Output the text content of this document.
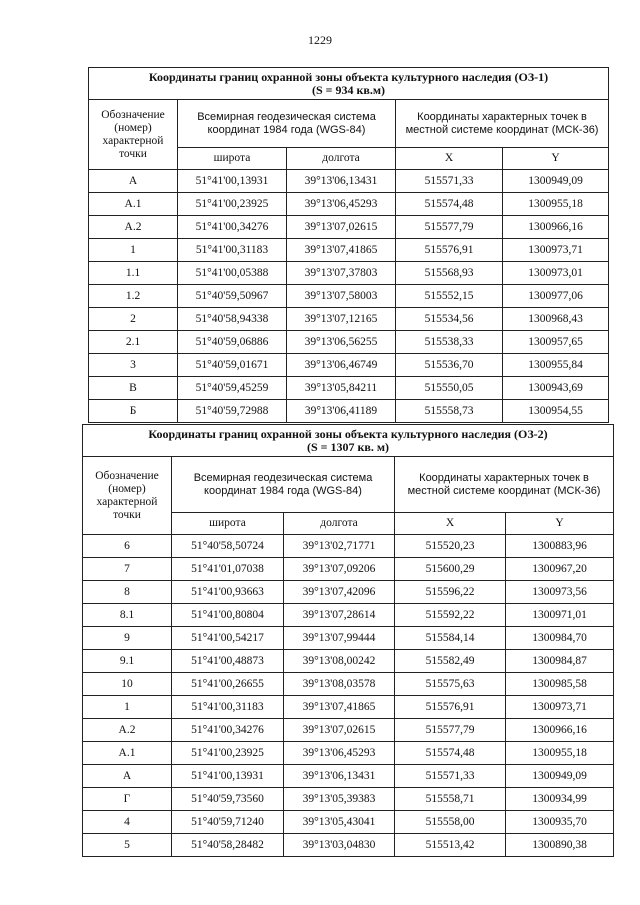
1229
Координаты границ охранной зоны объекта культурного наследия (ОЗ-1)
(S = 934 кв.м)				

Обозначение (номер) характерной точки	Всемирная геодезическая система координат 1984 года (WGS-84)		Координаты характерных точек в местной системе координат (МСК-36)	
	широта	долгота	X	Y
А	51°41'00,13931	39°13'06,13431	515571,33	1300949,09
А.1	51°41'00,23925	39°13'06,45293	515574,48	1300955,18
А.2	51°41'00,34276	39°13'07,02615	515577,79	1300966,16
1	51°41'00,31183	39°13'07,41865	515576,91	1300973,71
1.1	51°41'00,05388	39°13'07,37803	515568,93	1300973,01
1.2	51°40'59,50967	39°13'07,58003	515552,15	1300977,06
2	51°40'58,94338	39°13'07,12165	515534,56	1300968,43
2.1	51°40'59,06886	39°13'06,56255	515538,33	1300957,65
3	51°40'59,01671	39°13'06,46749	515536,70	1300955,84
В	51°40'59,45259	39°13'05,84211	515550,05	1300943,69
Б	51°40'59,72988	39°13'06,41189	515558,73	1300954,55
Координаты границ охранной зоны объекта культурного наследия (ОЗ-2)
(S = 1307 кв. м)				

Обозначение (номер) характерной точки	Всемирная геодезическая система координат 1984 года (WGS-84)		Координаты характерных точек в местной системе координат (МСК-36)	
	широта	долгота	X	Y
6	51°40'58,50724	39°13'02,71771	515520,23	1300883,96
7	51°41'01,07038	39°13'07,09206	515600,29	1300967,20
8	51°41'00,93663	39°13'07,42096	515596,22	1300973,56
8.1	51°41'00,80804	39°13'07,28614	515592,22	1300971,01
9	51°41'00,54217	39°13'07,99444	515584,14	1300984,70
9.1	51°41'00,48873	39°13'08,00242	515582,49	1300984,87
10	51°41'00,26655	39°13'08,03578	515575,63	1300985,58
1	51°41'00,31183	39°13'07,41865	515576,91	1300973,71
А.2	51°41'00,34276	39°13'07,02615	515577,79	1300966,16
А.1	51°41'00,23925	39°13'06,45293	515574,48	1300955,18
А	51°41'00,13931	39°13'06,13431	515571,33	1300949,09
Г	51°40'59,73560	39°13'05,39383	515558,71	1300934,99
4	51°40'59,71240	39°13'05,43041	515558,00	1300935,70
5	51°40'58,28482	39°13'03,04830	515513,42	1300890,38
